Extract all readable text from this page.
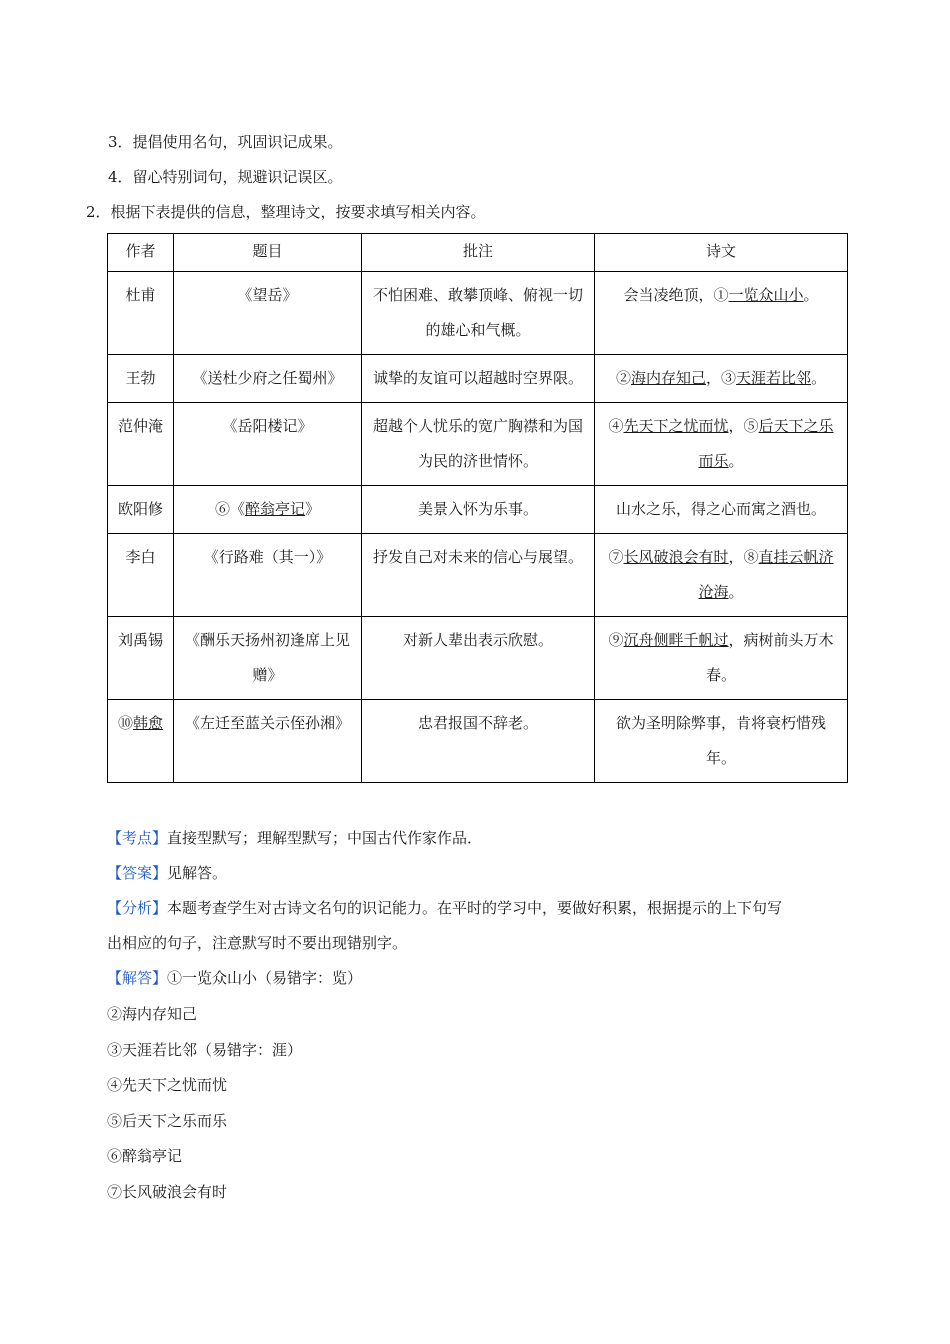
3．提倡使用名句，巩固识记成果。
4．留心特别词句，规避识记误区。
2．根据下表提供的信息，整理诗文，按要求填写相关内容。
作者	题目	批注	诗文
杜甫	《望岳》	不怕困难、敢攀顶峰、俯视一切的雄心和气概。	会当凌绝顶，①一览众山小。
王勃	《送杜少府之任蜀州》	诚挚的友谊可以超越时空界限。	②海内存知己，③天涯若比邻。
范仲淹	《岳阳楼记》	超越个人忧乐的宽广胸襟和为国为民的济世情怀。	④先天下之忧而忧，⑤后天下之乐而乐。
欧阳修	⑥《醉翁亭记》	美景入怀为乐事。	山水之乐，得之心而寓之酒也。
李白	《行路难（其一）》	抒发自己对未来的信心与展望。	⑦长风破浪会有时，⑧直挂云帆济沧海。
刘禹锡	《酬乐天扬州初逢席上见赠》	对新人辈出表示欣慰。	⑨沉舟侧畔千帆过，病树前头万木春。
⑩韩愈	《左迁至蓝关示侄孙湘》	忠君报国不辞老。	欲为圣明除弊事，肯将衰朽惜残年。
【考点】直接型默写；理解型默写；中国古代作家作品．
【答案】见解答。
【分析】本题考查学生对古诗文名句的识记能力。在平时的学习中，要做好积累，根据提示的上下句写
出相应的句子，注意默写时不要出现错别字。
【解答】①一览众山小（易错字：览）
②海内存知己
③天涯若比邻（易错字：涯）
④先天下之忧而忧
⑤后天下之乐而乐
⑥醉翁亭记
⑦长风破浪会有时
